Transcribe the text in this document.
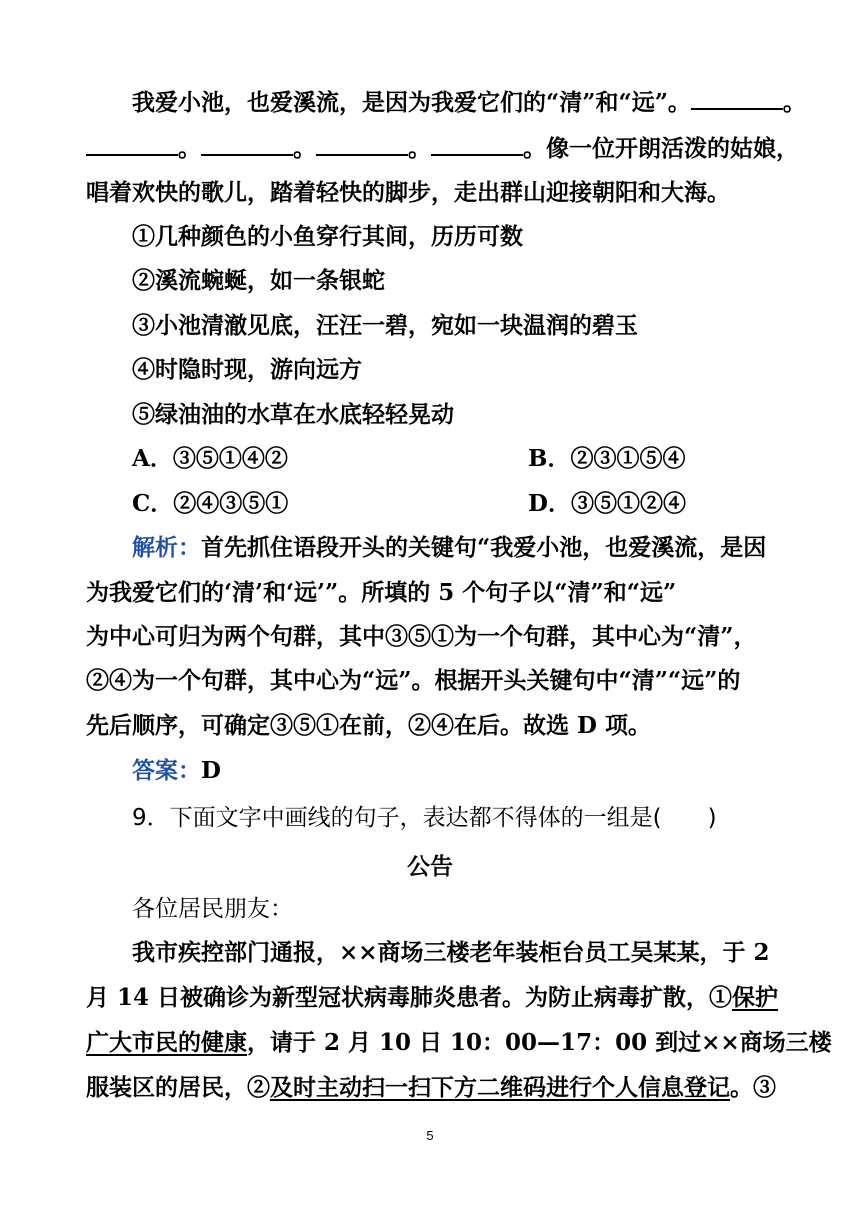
我爱小池，也爱溪流，是因为我爱它们的“清”和“远”。	。
。	。	。	。像一位开朗活泼的姑娘，
唱着欢快的歌儿，踏着轻快的脚步，走出群山迎接朝阳和大海。
①几种颜色的小鱼穿行其间，历历可数
②溪流蜿蜒，如一条银蛇
③小池清澈见底，汪汪一碧，宛如一块温润的碧玉
④时隐时现，游向远方
⑤绿油油的水草在水底轻轻晃动
A．③⑤①④②	B．②③①⑤④
C．②④③⑤①	D．③⑤①②④
解析：首先抓住语段开头的关键句“我爱小池，也爱溪流，是因
为我爱它们的‘清’和‘远’”。所填的 5 个句子以“清”和“远”
为中心可归为两个句群，其中③⑤①为一个句群，其中心为“清”，
②④为一个句群，其中心为“远”。根据开头关键句中“清”“远”的
先后顺序，可确定③⑤①在前，②④在后。故选 D 项。
答案：D
9．下面文字中画线的句子，表达都不得体的一组是(　　)
公告
各位居民朋友：
我市疾控部门通报，××商场三楼老年装柜台员工吴某某，于 2
月 14 日被确诊为新型冠状病毒肺炎患者。为防止病毒扩散，①保护
广大市民的健康，请于 2 月 10 日 10：00—17：00 到过××商场三楼
服装区的居民，②及时主动扫一扫下方二维码进行个人信息登记。③
5
